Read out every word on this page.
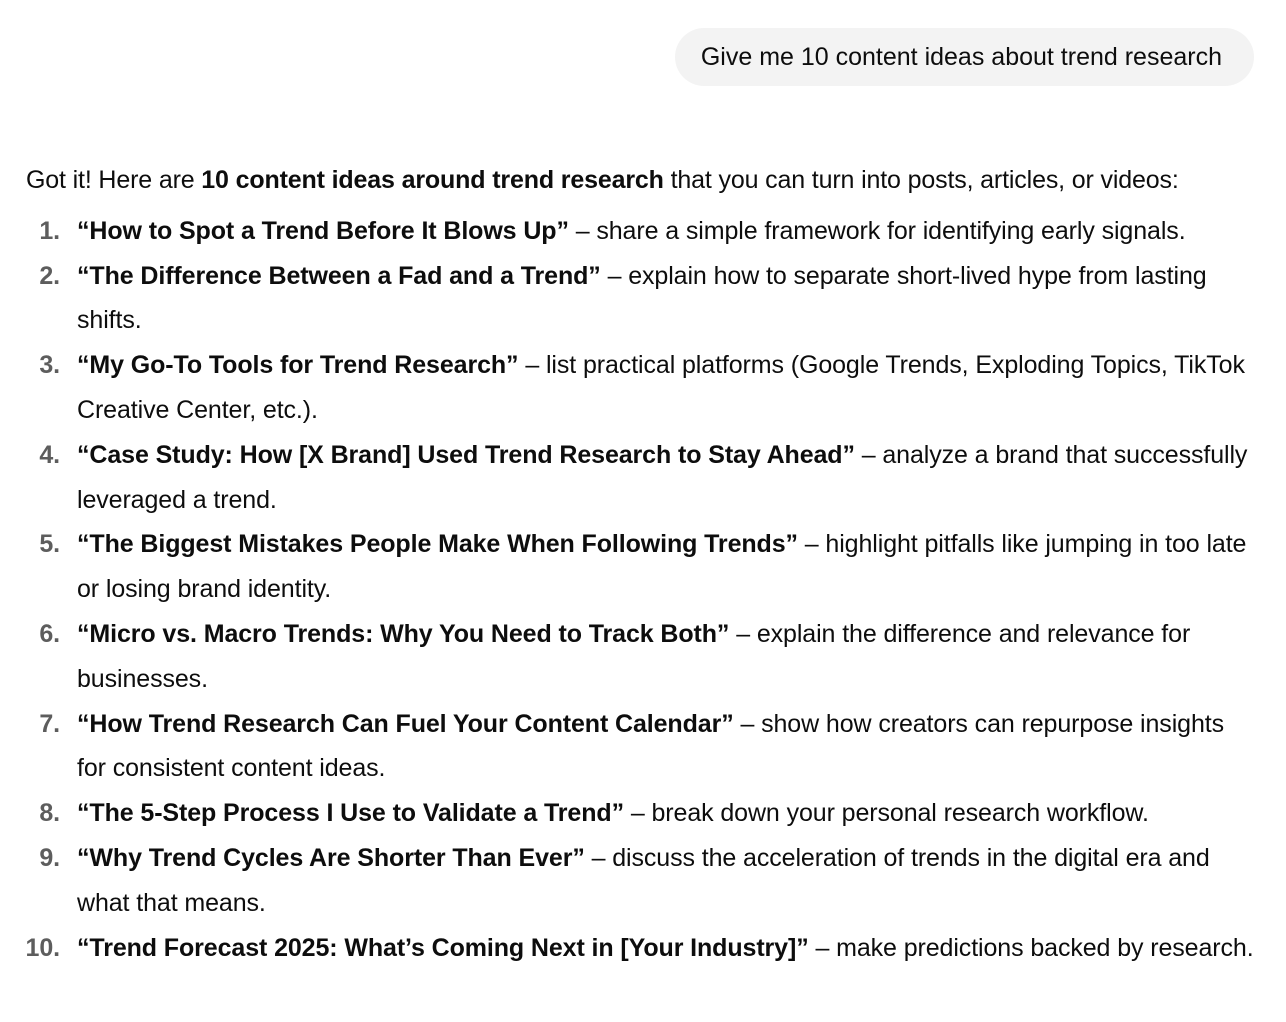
Give me 10 content ideas about trend research

Got it! Here are 10 content ideas around trend research that you can turn into posts, articles, or videos:

1. “How to Spot a Trend Before It Blows Up” – share a simple framework for identifying early signals.
2. “The Difference Between a Fad and a Trend” – explain how to separate short-lived hype from lasting shifts.
3. “My Go-To Tools for Trend Research” – list practical platforms (Google Trends, Exploding Topics, TikTok Creative Center, etc.).
4. “Case Study: How [X Brand] Used Trend Research to Stay Ahead” – analyze a brand that successfully leveraged a trend.
5. “The Biggest Mistakes People Make When Following Trends” – highlight pitfalls like jumping in too late or losing brand identity.
6. “Micro vs. Macro Trends: Why You Need to Track Both” – explain the difference and relevance for businesses.
7. “How Trend Research Can Fuel Your Content Calendar” – show how creators can repurpose insights for consistent content ideas.
8. “The 5-Step Process I Use to Validate a Trend” – break down your personal research workflow.
9. “Why Trend Cycles Are Shorter Than Ever” – discuss the acceleration of trends in the digital era and what that means.
10. “Trend Forecast 2025: What’s Coming Next in [Your Industry]” – make predictions backed by research.
